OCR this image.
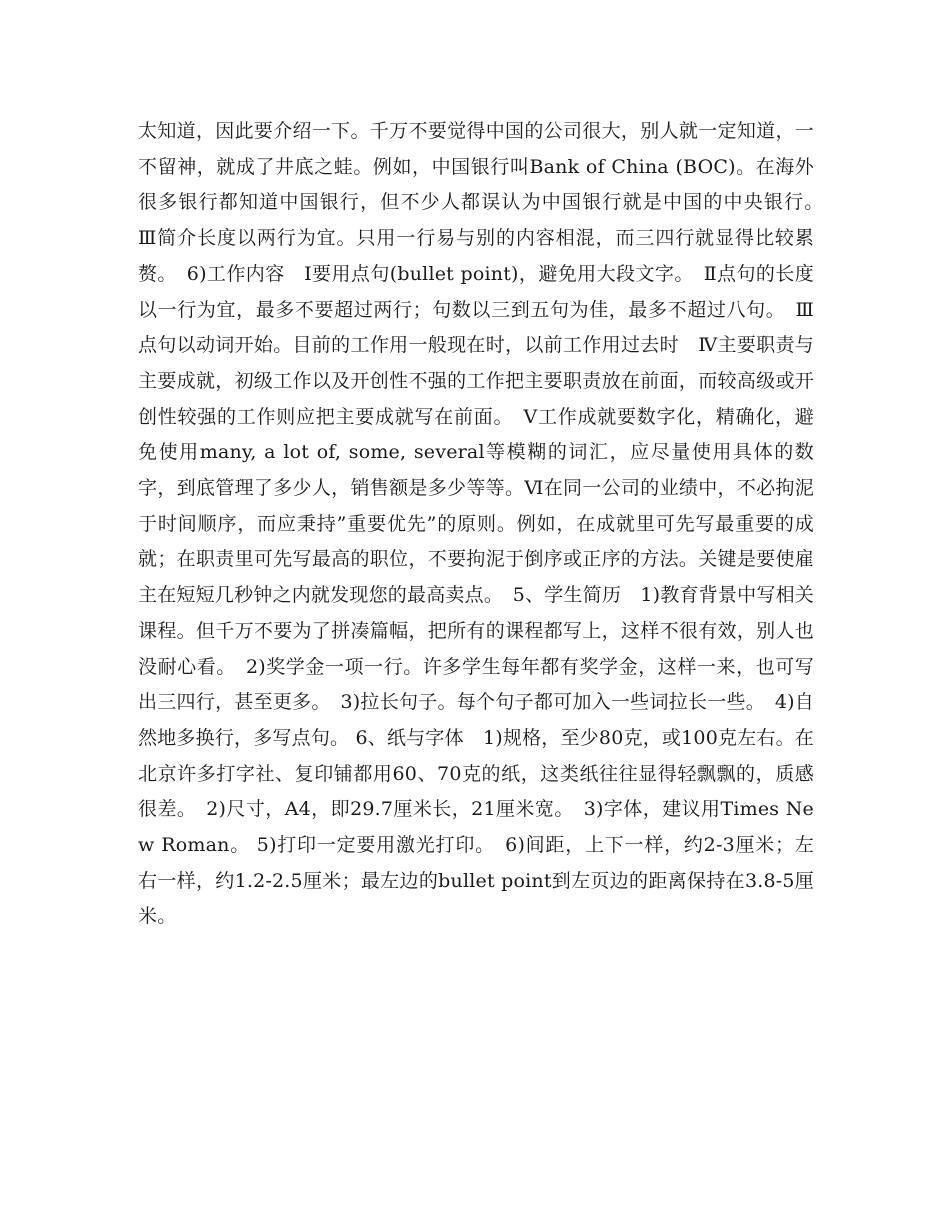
太知道，因此要介绍一下。千万不要觉得中国的公司很大，别人就一定知道，一不留神，就成了井底之蛙。例如，中国银行叫Bank of China (BOC)。在海外很多银行都知道中国银行，但不少人都误认为中国银行就是中国的中央银行。　Ⅲ简介长度以两行为宜。只用一行易与别的内容相混，而三四行就显得比较累赘。　6)工作内容　Ⅰ要用点句(bullet point)，避免用大段文字。　Ⅱ点句的长度以一行为宜，最多不要超过两行；句数以三到五句为佳，最多不超过八句。　Ⅲ点句以动词开始。目前的工作用一般现在时，以前工作用过去时　Ⅳ主要职责与主要成就，初级工作以及开创性不强的工作把主要职责放在前面，而较高级或开创性较强的工作则应把主要成就写在前面。　Ⅴ工作成就要数字化，精确化，避免使用many, a lot of, some, several等模糊的词汇，应尽量使用具体的数字，到底管理了多少人，销售额是多少等等。Ⅵ在同一公司的业绩中，不必拘泥于时间顺序，而应秉持”重要优先”的原则。例如，在成就里可先写最重要的成就；在职责里可先写最高的职位，不要拘泥于倒序或正序的方法。关键是要使雇主在短短几秒钟之内就发现您的最高卖点。　5、学生简历　1)教育背景中写相关课程。但千万不要为了拼凑篇幅，把所有的课程都写上，这样不很有效，别人也没耐心看。　2)奖学金一项一行。许多学生每年都有奖学金，这样一来，也可写出三四行，甚至更多。　3)拉长句子。每个句子都可加入一些词拉长一些。　4)自然地多换行，多写点句。 6、纸与字体　1)规格，至少80克，或100克左右。在北京许多打字社、复印铺都用60、70克的纸，这类纸往往显得轻飘飘的，质感很差。　2)尺寸，A4，即29.7厘米长，21厘米宽。　3)字体，建议用Times New Roman。 5)打印一定要用激光打印。　6)间距，上下一样，约2-3厘米；左右一样，约1.2-2.5厘米；最左边的bullet point到左页边的距离保持在3.8-5厘米。
